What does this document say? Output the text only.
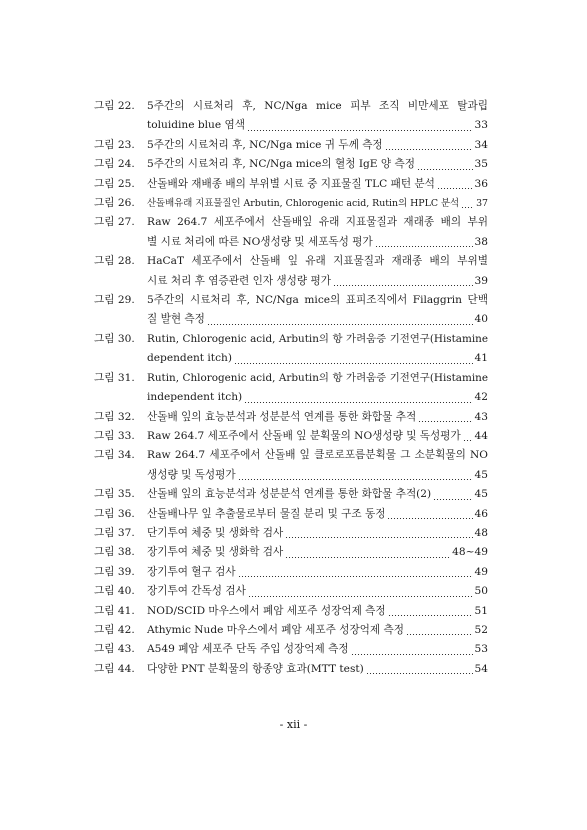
그림 22.	5주간의 시료처리 후, NC/Nga mice 피부 조직 비만세포 탈과립
toluidine blue 염색	33
그림 23.	5주간의 시료처리 후, NC/Nga mice 귀 두께 측정	34
그림 24.	5주간의 시료처리 후, NC/Nga mice의 혈청 IgE 양 측정	35
그림 25.	산돌배와 재배종 배의 부위별 시료 중 지표물질 TLC 패턴 분석	36
그림 26.	산돌배유래 지표물질인 Arbutin, Chlorogenic acid, Rutin의 HPLC 분석 37
그림 27.	Raw 264.7 세포주에서 산돌배잎 유래 지표물질과 재래종 배의 부위
별 시료 처리에 따른 NO생성량 및 세포독성 평가	38
그림 28.	HaCaT 세포주에서 산돌배 잎 유래 지표물질과 재래종 배의 부위별
시료 처리 후 염증관련 인자 생성량 평가	39
그림 29.	5주간의 시료처리 후, NC/Nga mice의 표피조직에서 Filaggrin 단백
질 발현 측정	40
그림 30.	Rutin, Chlorogenic acid, Arbutin의 항 가려움증 기전연구(Histamine
dependent itch)	41
그림 31.	Rutin, Chlorogenic acid, Arbutin의 항 가려움증 기전연구(Histamine
independent itch)	42
그림 32.	산돌배 잎의 효능분석과 성분분석 연계를 통한 화합물 추적	43
그림 33.	Raw 264.7 세포주에서 산돌배 잎 분획물의 NO생성량 및 독성평가 44
그림 34.	Raw 264.7 세포주에서 산돌배 잎 클로로포름분획물 그 소분획물의 NO
생성량 및 독성평가	45
그림 35.	산돌배 잎의 효능분석과 성분분석 연계를 통한 화합물 추적(2)	45
그림 36.	산돌배나무 잎 추출물로부터 물질 분리 및 구조 동정	46
그림 37.	단기투여 체중 및 생화학 검사	48
그림 38.	장기투여 체중 및 생화학 검사	48~49
그림 39.	장기투여 혈구 검사	49
그림 40.	장기투여 간독성 검사	50
그림 41.	NOD/SCID 마우스에서 폐암 세포주 성장억제 측정	51
그림 42.	Athymic Nude 마우스에서 폐암 세포주 성장억제 측정	52
그림 43.	A549 폐암 세포주 단독 주입 성장억제 측정	53
그림 44.	다양한 PNT 분획물의 항종양 효과(MTT test)	54
- xii -
